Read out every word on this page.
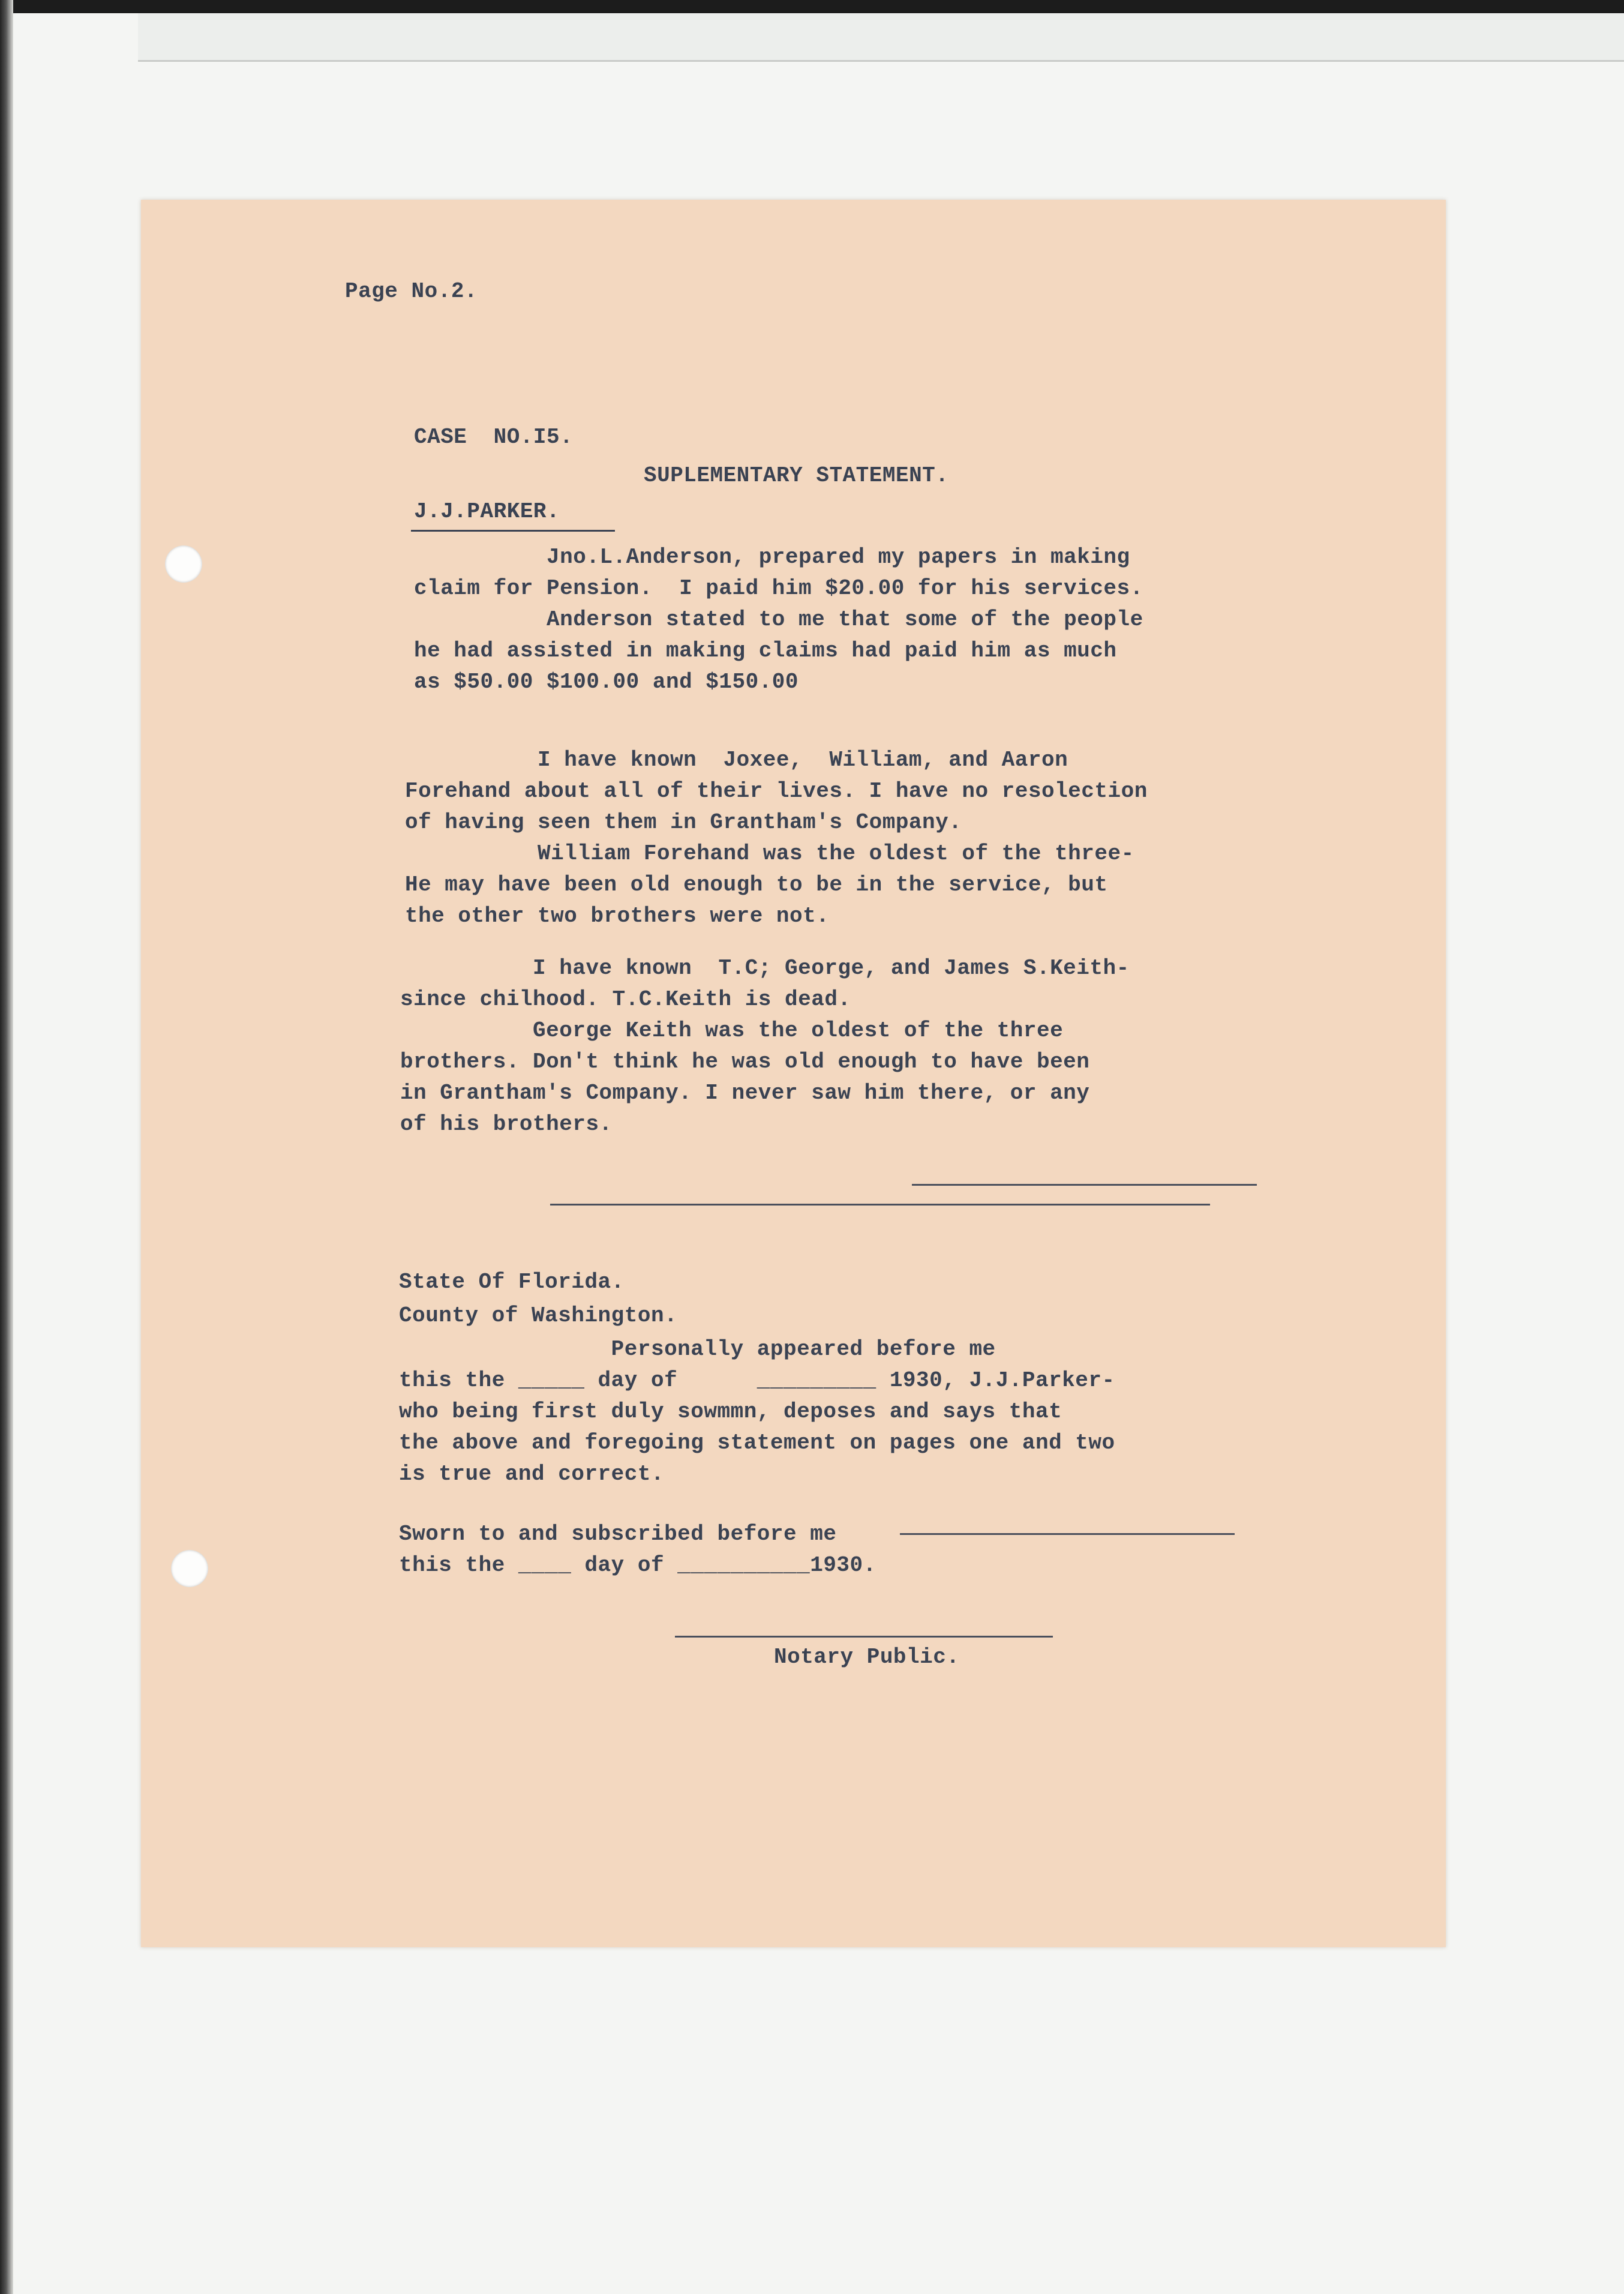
Page No.2.
CASE  NO.I5.
SUPLEMENTARY STATEMENT.
J.J.PARKER.
Jno.L.Anderson, prepared my papers in making
claim for Pension.  I paid him $20.00 for his services.
Anderson stated to me that some of the people
he had assisted in making claims had paid him as much
as $50.00 $100.00 and $150.00
I have known  Joxee,  William, and Aaron
Forehand about all of their lives. I have no resolection
of having seen them in Grantham's Company.
William Forehand was the oldest of the three-
He may have been old enough to be in the service, but
the other two brothers were not.
I have known  T.C; George, and James S.Keith-
since chilhood. T.C.Keith is dead.
George Keith was the oldest of the three
brothers. Don't think he was old enough to have been
in Grantham's Company. I never saw him there, or any
of his brothers.
State Of Florida.
County of Washington.
Personally appeared before me
this the _____ day of      _________ 1930, J.J.Parker-
who being first duly sowmmn, deposes and says that
the above and foregoing statement on pages one and two
is true and correct.
Sworn to and subscribed before me
this the ____ day of __________1930.
Notary Public.
